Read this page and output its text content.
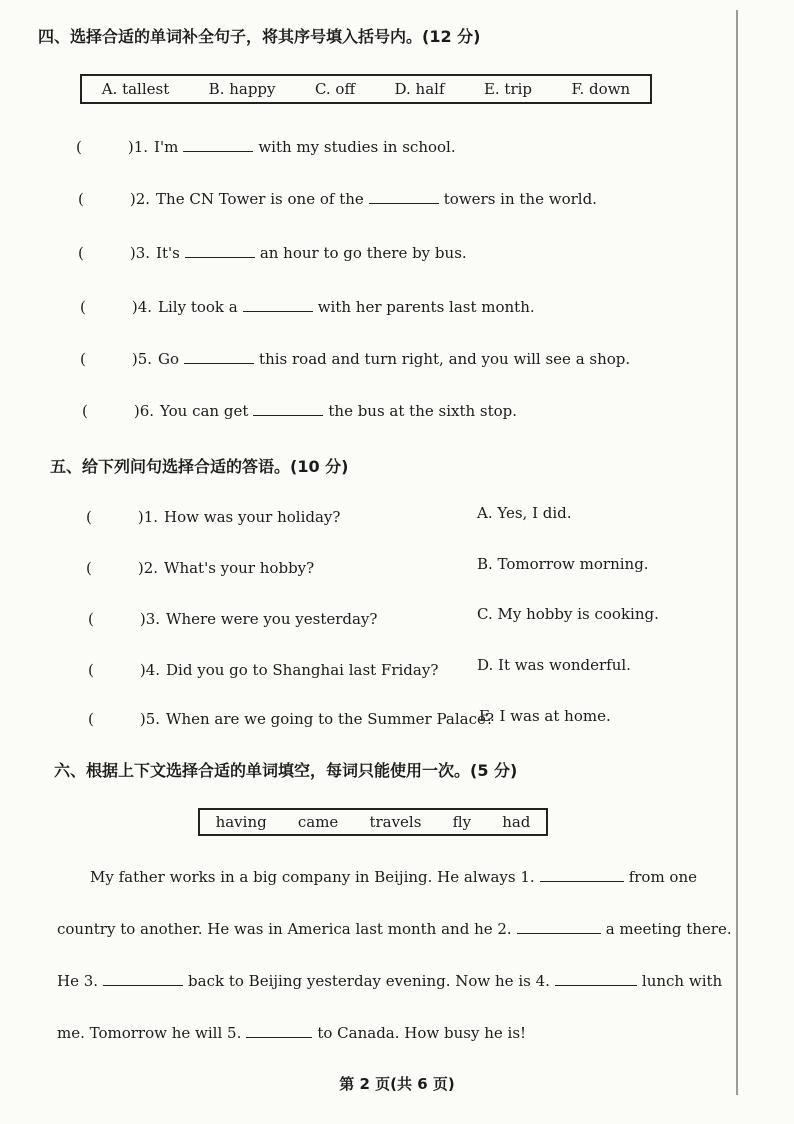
四、选择合适的单词补全句子，将其序号填入括号内。(12 分)
A. tallest	B. happy	C. off	D. half	E. trip	F. down
(	)1. I'm	with my studies in school.
(	)2. The CN Tower is one of the	towers in the world.
(	)3. It's	an hour to go there by bus.
(	)4. Lily took a	with her parents last month.
(	)5. Go	this road and turn right, and you will see a shop.
(	)6. You can get	the bus at the sixth stop.
五、给下列问句选择合适的答语。(10 分)
(	)1. How was your holiday?
(	)2. What's your hobby?
(	)3. Where were you yesterday?
(	)4. Did you go to Shanghai last Friday?
(	)5. When are we going to the Summer Palace?
A. Yes, I did.
B. Tomorrow morning.
C. My hobby is cooking.
D. It was wonderful.
E. I was at home.
六、根据上下文选择合适的单词填空，每词只能使用一次。(5 分)
having came travels fly had
My father works in a big company in Beijing. He always 1.	from one
country to another. He was in America last month and he 2.	a meeting there.
He 3.	back to Beijing yesterday evening. Now he is 4.	lunch with
me. Tomorrow he will 5.	to Canada. How busy he is!
第 2 页(共 6 页)
